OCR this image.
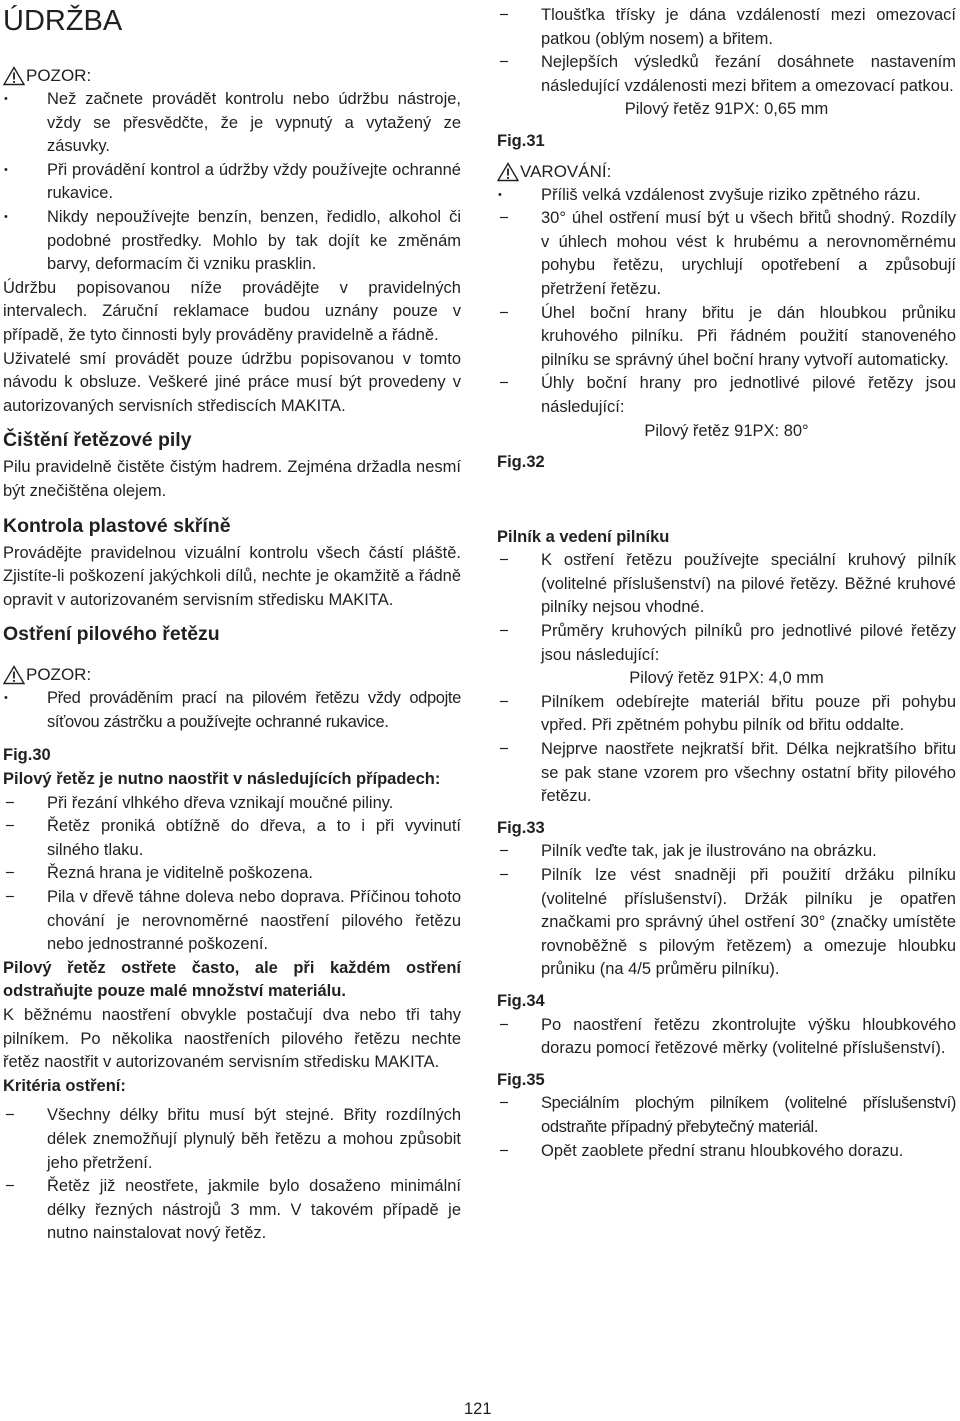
ÚDRŽBA
POZOR:
• Než začnete provádět kontrolu nebo údržbu nástroje, vždy se přesvědčte, že je vypnutý a vytažený ze zásuvky.
• Při provádění kontrol a údržby vždy používejte ochranné rukavice.
• Nikdy nepoužívejte benzín, benzen, ředidlo, alkohol či podobné prostředky. Mohlo by tak dojít ke změnám barvy, deformacím či vzniku prasklin.

Údržbu popisovanou níže provádějte v pravidelných intervalech. Záruční reklamace budou uznány pouze v případě, že tyto činnosti byly prováděny pravidelně a řádně.

Uživatelé smí provádět pouze údržbu popisovanou v tomto návodu k obsluze. Veškeré jiné práce musí být provedeny v autorizovaných servisních střediscích MAKITA.

Čištění řetězové pily

Pilu pravidelně čistěte čistým hadrem. Zejména držadla nesmí být znečištěna olejem.

Kontrola plastové skříně

Provádějte pravidelnou vizuální kontrolu všech částí pláště. Zjistíte-li poškození jakýchkoli dílů, nechte je okamžitě a řádně opravit v autorizovaném servisním středisku MAKITA.

Ostření pilového řetězu
POZOR:
• Před prováděním prací na pilovém řetězu vždy odpojte síťovou zástrčku a používejte ochranné rukavice.
Fig.30
Pilový řetěz je nutno naostřit v následujících případech:
− Při řezání vlhkého dřeva vznikají moučné piliny.
− Řetěz proniká obtížně do dřeva, a to i při vyvinutí silného tlaku.
− Řezná hrana je viditelně poškozena.
− Pila v dřevě táhne doleva nebo doprava. Příčinou tohoto chování je nerovnoměrné naostření pilového řetězu nebo jednostranné poškození.

Pilový řetěz ostřete často, ale při každém ostření odstraňujte pouze malé množství materiálu.

K běžnému naostření obvykle postačují dva nebo tři tahy pilníkem. Po několika naostřeních pilového řetězu nechte řetěz naostřit v autorizovaném servisním středisku MAKITA.

Kritéria ostření:
− Všechny délky břitu musí být stejné. Břity rozdílných délek znemožňují plynulý běh řetězu a mohou způsobit jeho přetržení.
− Řetěz již neostřete, jakmile bylo dosaženo minimální délky řezných nástrojů 3 mm. V takovém případě je nutno nainstalovat nový řetěz.
− Tloušťka třísky je dána vzdáleností mezi omezovací patkou (oblým nosem) a břitem.
− Nejlepších výsledků řezání dosáhnete nastavením následující vzdálenosti mezi břitem a omezovací patkou.
Pilový řetěz 91PX: 0,65 mm
Fig.31
VAROVÁNÍ:
• Příliš velká vzdálenost zvyšuje riziko zpětného rázu.
− 30° úhel ostření musí být u všech břitů shodný. Rozdíly v úhlech mohou vést k hrubému a nerovnoměrnému pohybu řetězu, urychlují opotřebení a způsobují přetržení řetězu.
− Úhel boční hrany břitu je dán hloubkou průniku kruhového pilníku. Při řádném použití stanoveného pilníku se správný úhel boční hrany vytvoří automaticky.
− Úhly boční hrany pro jednotlivé pilové řetězy jsou následující:
Pilový řetěz 91PX: 80°
Fig.32
Pilník a vedení pilníku
− K ostření řetězu používejte speciální kruhový pilník (volitelné příslušenství) na pilové řetězy. Běžné kruhové pilníky nejsou vhodné.
− Průměry kruhových pilníků pro jednotlivé pilové řetězy jsou následující:
Pilový řetěz 91PX: 4,0 mm
− Pilníkem odebírejte materiál břitu pouze při pohybu vpřed. Při zpětném pohybu pilník od břitu oddalte.
− Nejprve naostřete nejkratší břit. Délka nejkratšího břitu se pak stane vzorem pro všechny ostatní břity pilového řetězu.
Fig.33
− Pilník veďte tak, jak je ilustrováno na obrázku.
− Pilník lze vést snadněji při použití držáku pilníku (volitelné příslušenství). Držák pilníku je opatřen značkami pro správný úhel ostření 30° (značky umístěte rovnoběžně s pilovým řetězem) a omezuje hloubku průniku (na 4/5 průměru pilníku).
Fig.34
− Po naostření řetězu zkontrolujte výšku hloubkového dorazu pomocí řetězové měrky (volitelné příslušenství).
Fig.35
− Speciálním plochým pilníkem (volitelné příslušenství) odstraňte případný přebytečný materiál.
− Opět zaoblete přední stranu hloubkového dorazu.
121
